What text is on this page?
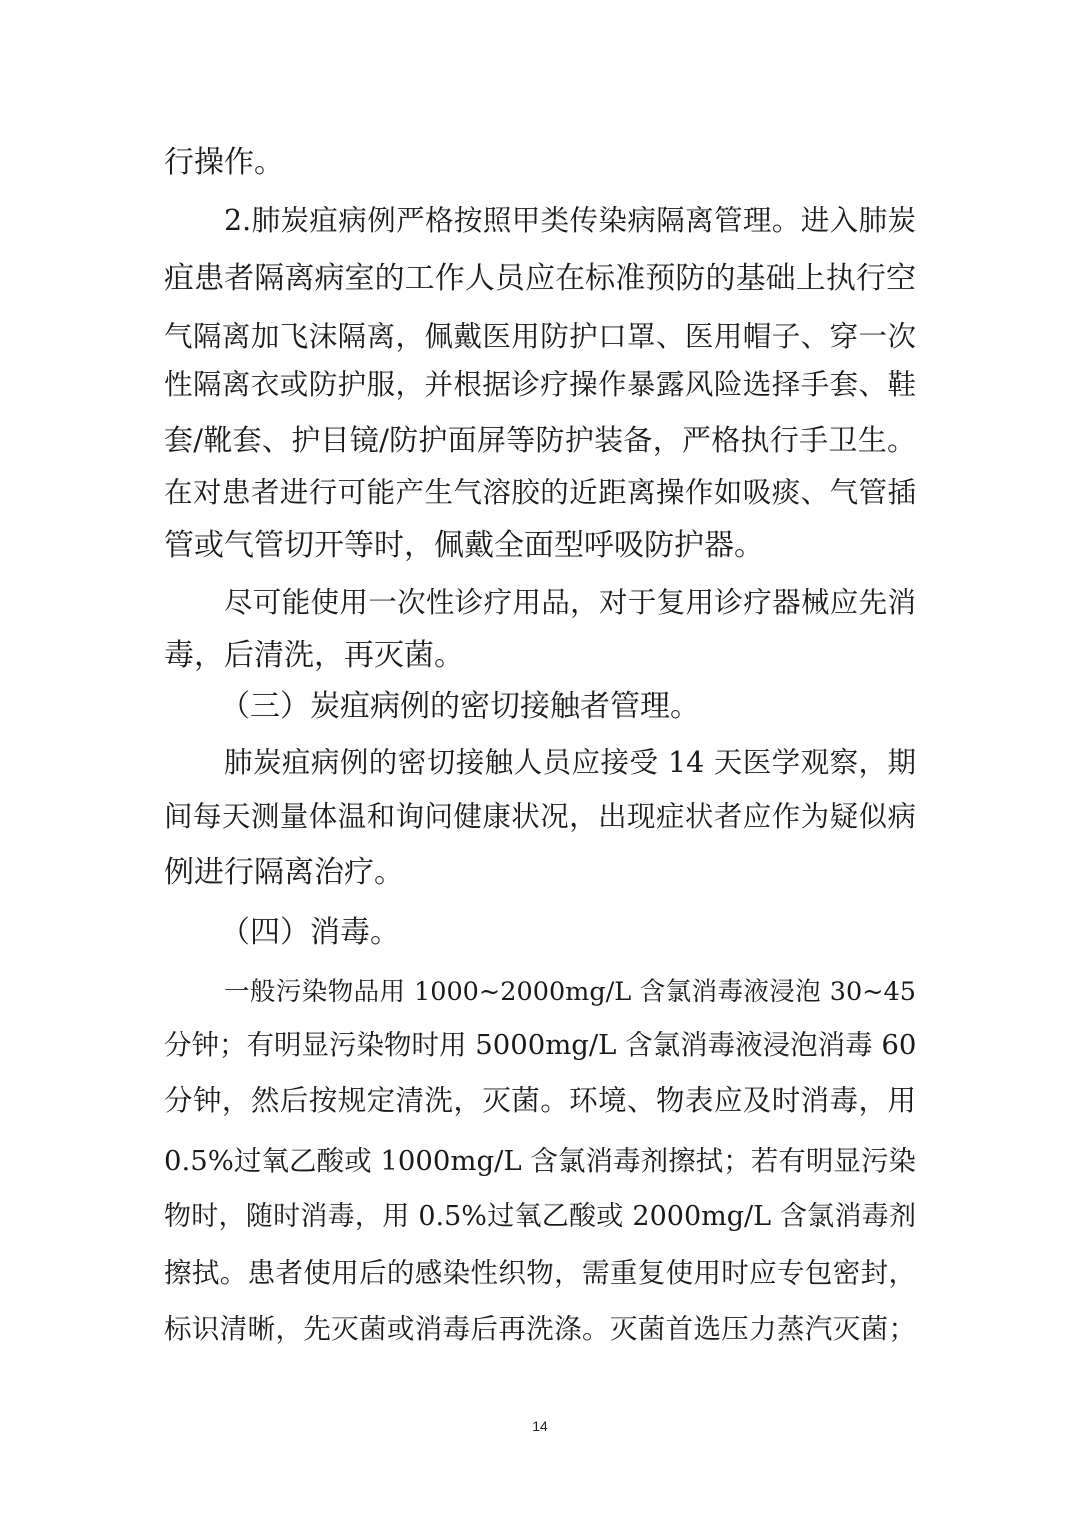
行操作。
2.肺炭疽病例严格按照甲类传染病隔离管理。进入肺炭
疽患者隔离病室的工作人员应在标准预防的基础上执行空
气隔离加飞沫隔离，佩戴医用防护口罩、医用帽子、穿一次
性隔离衣或防护服，并根据诊疗操作暴露风险选择手套、鞋
套/靴套、护目镜/防护面屏等防护装备，严格执行手卫生。
在对患者进行可能产生气溶胶的近距离操作如吸痰、气管插
管或气管切开等时，佩戴全面型呼吸防护器。
尽可能使用一次性诊疗用品，对于复用诊疗器械应先消
毒，后清洗，再灭菌。
（三）炭疽病例的密切接触者管理。
肺炭疽病例的密切接触人员应接受 14 天医学观察，期
间每天测量体温和询问健康状况，出现症状者应作为疑似病
例进行隔离治疗。
（四）消毒。
一般污染物品用 1000~2000mg/L 含氯消毒液浸泡 30~45
分钟；有明显污染物时用 5000mg/L 含氯消毒液浸泡消毒 60
分钟，然后按规定清洗，灭菌。环境、物表应及时消毒，用
0.5%过氧乙酸或 1000mg/L 含氯消毒剂擦拭；若有明显污染
物时，随时消毒，用 0.5%过氧乙酸或 2000mg/L 含氯消毒剂
擦拭。患者使用后的感染性织物，需重复使用时应专包密封，
标识清晰，先灭菌或消毒后再洗涤。灭菌首选压力蒸汽灭菌；
14
